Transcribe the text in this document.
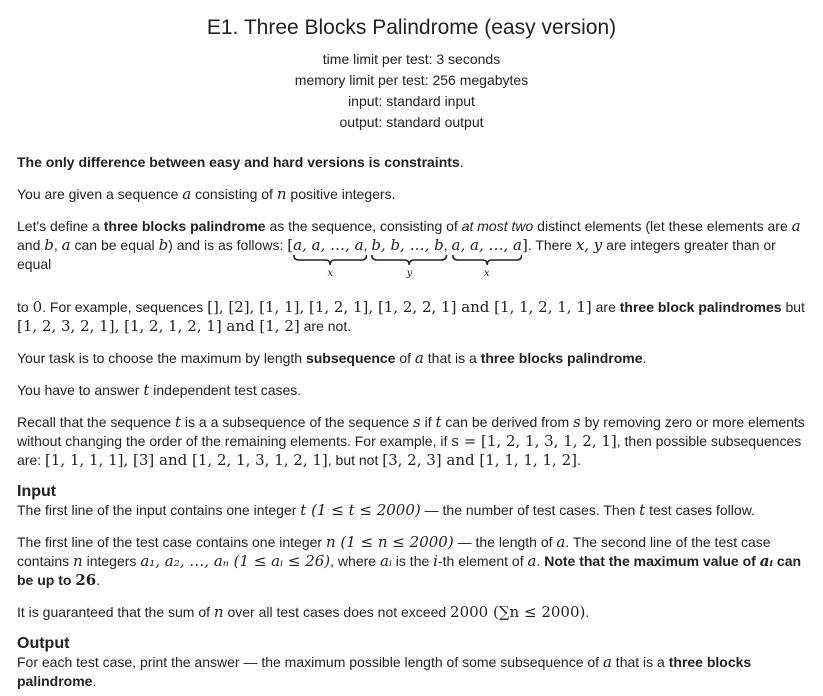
E1. Three Blocks Palindrome (easy version)
time limit per test: 3 seconds
memory limit per test: 256 megabytes
input: standard input
output: standard output

The only difference between easy and hard versions is constraints.

You are given a sequence a consisting of n positive integers.

Let's define a three blocks palindrome as the sequence, consisting of at most two distinct elements (let these elements are a
and b, a can be equal b) and is as follows: [a, a, …, a,
x
b, b, …, b,
y
a, a, …, a
x
]. There x, y are integers greater than or equal

to 0. For example, sequences [], [2], [1, 1], [1, 2, 1], [1, 2, 2, 1] and [1, 1, 2, 1, 1] are three block palindromes but
[1, 2, 3, 2, 1], [1, 2, 1, 2, 1] and [1, 2] are not.

Your task is to choose the maximum by length subsequence of a that is a three blocks palindrome.

You have to answer t independent test cases.

Recall that the sequence t is a a subsequence of the sequence s if t can be derived from s by removing zero or more elements without changing the order of the remaining elements. For example, if s = [1, 2, 1, 3, 1, 2, 1], then possible subsequences are: [1, 1, 1, 1], [3] and [1, 2, 1, 3, 1, 2, 1], but not [3, 2, 3] and [1, 1, 1, 1, 2].

Input

The first line of the input contains one integer t (1 ≤ t ≤ 2000) — the number of test cases. Then t test cases follow.

The first line of the test case contains one integer n (1 ≤ n ≤ 2000) — the length of a. The second line of the test case contains n integers a₁, a₂, …, aₙ (1 ≤ aᵢ ≤ 26), where aᵢ is the i-th element of a. Note that the maximum value of aᵢ can be up to 26.

It is guaranteed that the sum of n over all test cases does not exceed 2000 (∑n ≤ 2000).

Output

For each test case, print the answer — the maximum possible length of some subsequence of a that is a three blocks palindrome.
